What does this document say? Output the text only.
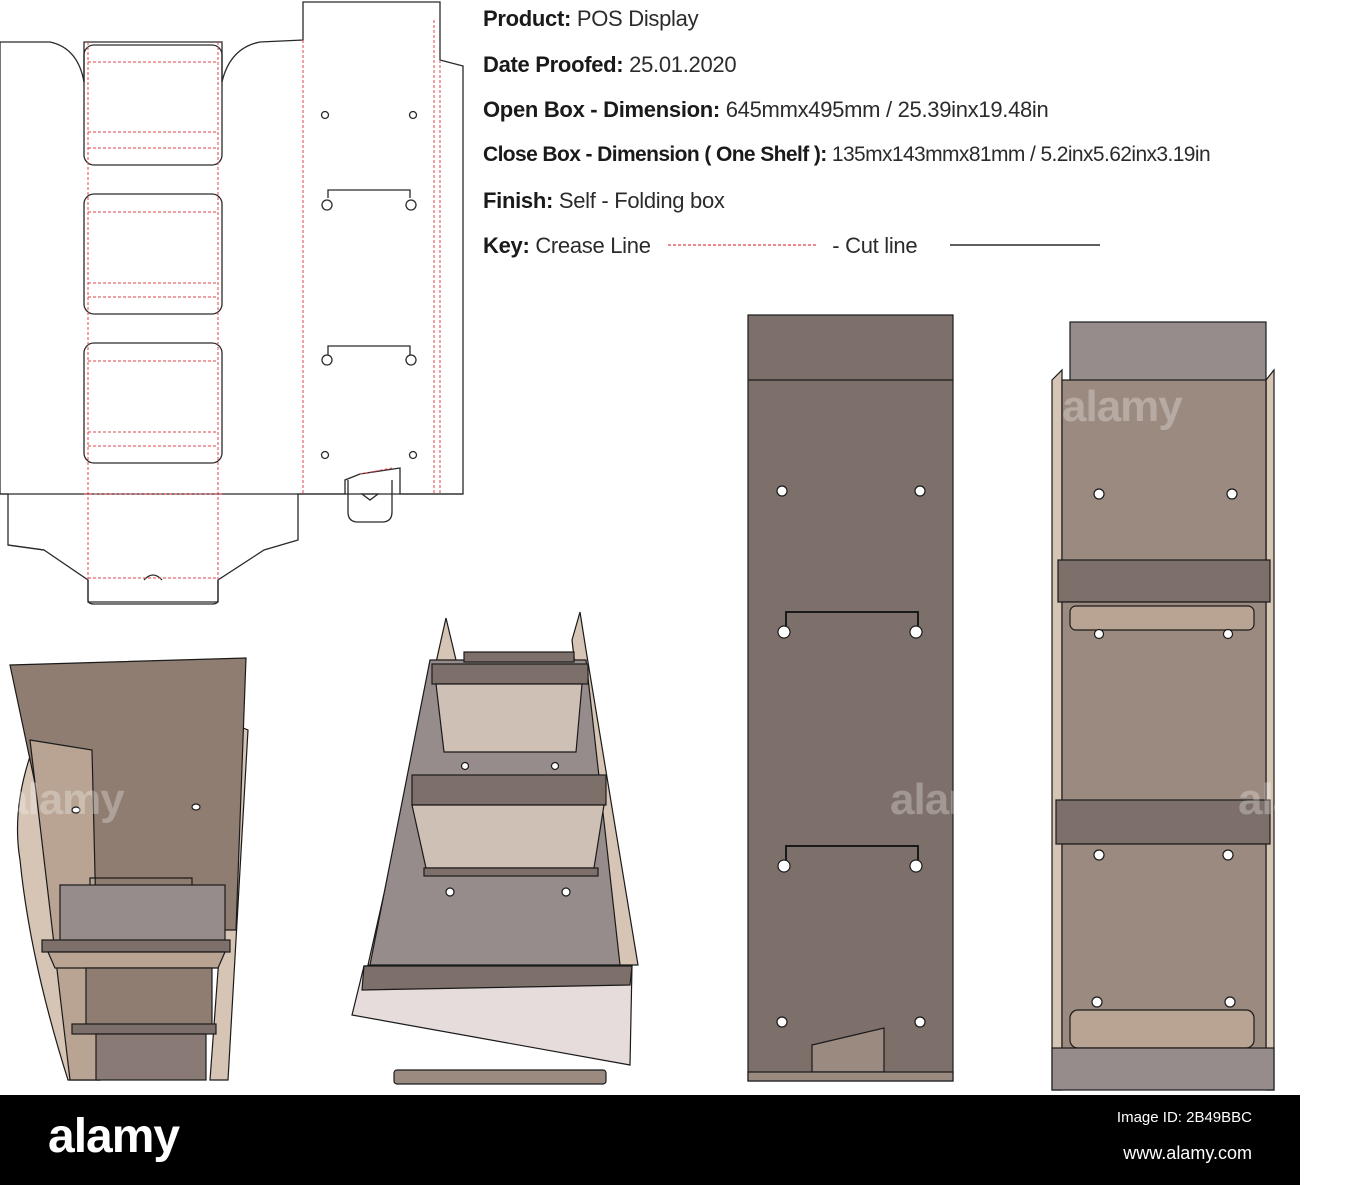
Product: POS Display
Date Proofed: 25.01.2020
Open Box - Dimension: 645mmx495mm / 25.39inx19.48in
Close Box - Dimension ( One Shelf ): 135mx143mmx81mm / 5.2inx5.62inx3.19in
Finish: Self - Folding box
Key: Crease Line	- Cut line
alamy
alamy
alamy
alamy
alamy	Image ID: 2B49BBC
www.alamy.com
